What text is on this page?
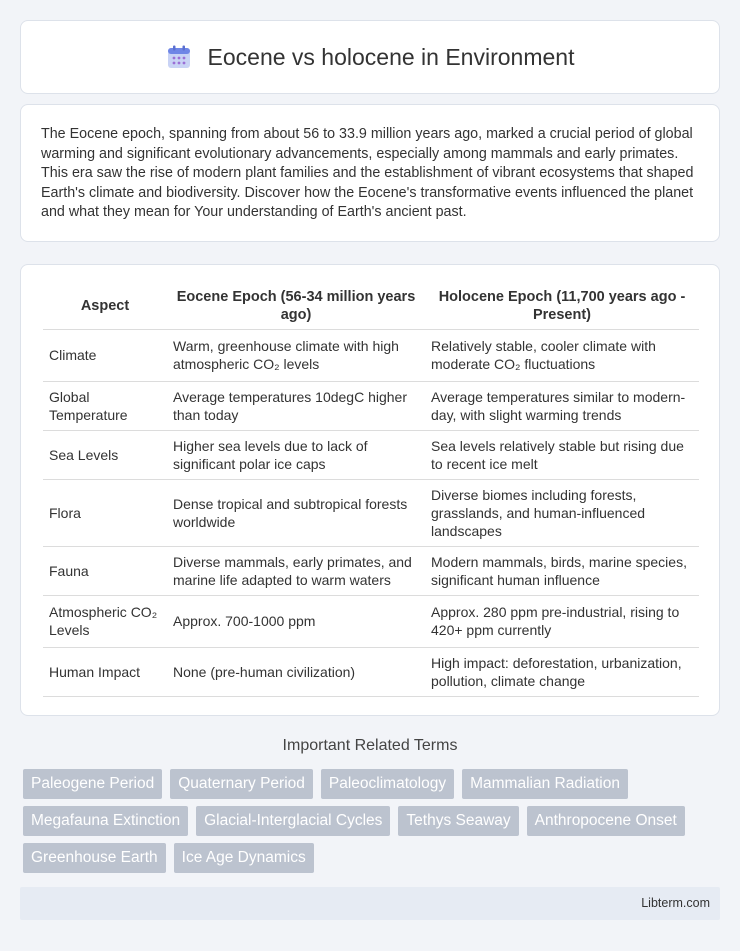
Eocene vs holocene in Environment

The Eocene epoch, spanning from about 56 to 33.9 million years ago, marked a crucial period of global warming and significant evolutionary advancements, especially among mammals and early primates. This era saw the rise of modern plant families and the establishment of vibrant ecosystems that shaped Earth's climate and biodiversity. Discover how the Eocene's transformative events influenced the planet and what they mean for Your understanding of Earth's ancient past.

Aspect	Eocene Epoch (56-34 million years ago)	Holocene Epoch (11,700 years ago - Present)
Climate	Warm, greenhouse climate with high atmospheric CO₂ levels	Relatively stable, cooler climate with moderate CO₂ fluctuations
Global Temperature	Average temperatures 10degC higher than today	Average temperatures similar to modern-day, with slight warming trends
Sea Levels	Higher sea levels due to lack of significant polar ice caps	Sea levels relatively stable but rising due to recent ice melt
Flora	Dense tropical and subtropical forests worldwide	Diverse biomes including forests, grasslands, and human-influenced landscapes
Fauna	Diverse mammals, early primates, and marine life adapted to warm waters	Modern mammals, birds, marine species, significant human influence
Atmospheric CO₂ Levels	Approx. 700-1000 ppm	Approx. 280 ppm pre-industrial, rising to 420+ ppm currently
Human Impact	None (pre-human civilization)	High impact: deforestation, urbanization, pollution, climate change
Important Related Terms
Paleogene Period	Quaternary Period	Paleoclimatology	Mammalian Radiation
Megafauna Extinction	Glacial-Interglacial Cycles	Tethys Seaway	Anthropocene Onset
Greenhouse Earth	Ice Age Dynamics
Libterm.com
